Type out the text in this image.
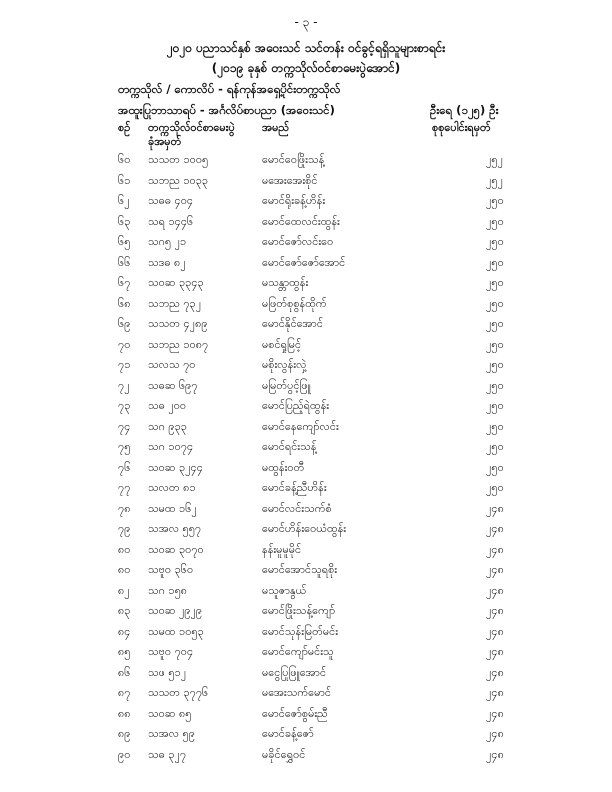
- ၃ -
၂၀၂၀ ပညာသင်နှစ် အဝေးသင် သင်တန်း ဝင်ခွင့်ရရှိသူများစာရင်း
(၂၀၁၉ ခုနှစ် တက္ကသိုလ်ဝင်စာမေးပွဲအောင်)
တက္ကသိုလ် / ကောလိပ် - ရန်ကုန်အရှေ့ပိုင်းတက္ကသိုလ်
အထူးပြုဘာသာရပ် - အင်္ဂလိပ်စာပညာ (အဝေးသင်)	ဦးရေ (၁၂၅) ဦး
စဉ် တက္ကသိုလ်ဝင်စာမေးပွဲ
ခုံအမှတ်
အမည်	စုစုပေါင်းရမှတ်
၆၀ သသတ ၁၀၀၅	မောင်ဝေဖြိုးသန့်	၂၅၂
၆၁ သဘည ၁၀၃၃	မအေးအေးစိုင်	၂၅၂
၆၂ သဓဓ ၄၀၄	မောင်ရိုးခန့်ဟိန်း	၂၅၀
၆၃ သရ ၁၄၄၆	မောင်ထေလင်းထွန်း	၂၅၀
၆၅ သဂ၅ ၂၁	မောင်ဇော်လင်းဝေ	၂၅၀
၆၆ သဒဓ ၈၂	မောင်ဇော်ဇော်အောင်	၂၅၀
၆၇ သဝဆ ၃၃၄၃	မသန္တာထွန်း	၂၅၀
၆၈ သဘည ၇၃၂	မဖြတ်စုစွန်ထိုက်	၂၅၀
၆၉ သသတ ၄၂၈၉	မောင်နိုင်အောင်	၂၅၀
၇၀ သဘည ၁၀၈၇	မစင်ရှုမြင့်	၂၅၀
၇၁ သလသ ၇၀	မစိုးလွန်းလှဲ့	၂၅၀
၇၂ သဓဆ ၆၉၇	မမြတ်ပွင့်ဖြူ	၂၅၀
၇၃ သဓ ၂၀၀	မောင်ပြည့်ရဲထွန်း	၂၅၀
၇၄ သဂ ၉၃၃	မောင်နေကျော်လင်း	၂၅၀
၇၅ သဂ ၁၀၇၄	မောင်ရင်းသန့်	၂၅၀
၇၆ သဝဆ ၃၂၄၄	မထွန်းဝတီ	၂၅၀
၇၇ သလတ ၈၁	မောင်ခန့်ညီဟိန်း	၂၅၀
၇၈ သမထ ၁၆၂	မောင်လင်းသက်စံ	၂၄၈
၇၉ သအလ ၅၅၇	မောင်ဟိန်းဝေယံထွန်း	၂၄၈
၈၀ သဝဆ ၃၀၇၀	နန်းမူမူမိုင်	၂၄၈
၈၀ သဗူ၀ ၃၆၀	မောင်အောင်သူရစိုး	၂၄၈
၈၂ သဂ ၁၅၈	မသူဇာနွယ်	၂၄၈
၈၃ သဝဆ ၂၉၂၉	မောင်ဖြိုးသန့်ကျော်	၂၄၈
၈၄ သမထ ၁၀၅၃	မောင်သုန်းမြတ်မင်း	၂၄၈
၈၅ သဗူ၀ ၇၀၄	မောင်ကျော်မင်းသူ	၂၄၈
၈၆ သဖ ၅၁၂	မငွေပြုဖြူအောင်	၂၄၈
၈၇ သသတ ၃၇၇၆	မအေးသက်မောင်	၂၄၈
၈၈ သဝဆ ၈၅	မောင်ဇော်စွမ်းညီ	၂၄၈
၈၉ သအလ ၅၉	မောင်ခန့်ဇော်	၂၄၈
၉၀ သဓ ၃၂၇	မခိုင်ရွှေဝင်	၂၄၈
